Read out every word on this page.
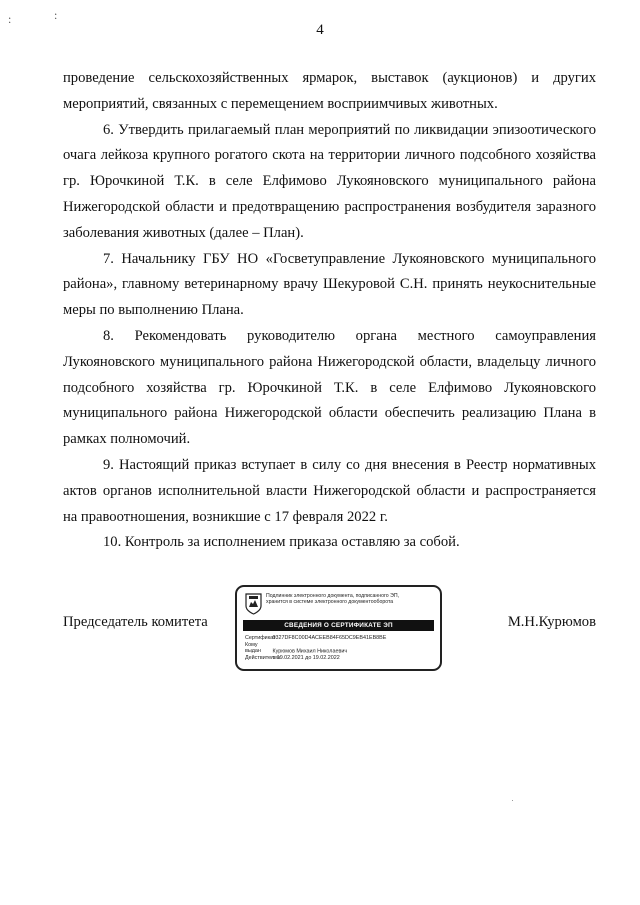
:	:
4

проведение сельскохозяйственных ярмарок, выставок (аукционов) и других мероприятий, связанных с перемещением восприимчивых животных.

6. Утвердить прилагаемый план мероприятий по ликвидации эпизоотического очага лейкоза крупного рогатого скота на территории личного подсобного хозяйства гр. Юрочкиной Т.К. в селе Елфимово Лукояновского муниципального района Нижегородской области и предотвращению распространения возбудителя заразного заболевания животных (далее – План).

7. Начальнику ГБУ НО «Госветуправление Лукояновского муниципального района», главному ветеринарному врачу Шекуровой С.Н. принять неукоснительные меры по выполнению Плана.

8. Рекомендовать руководителю органа местного самоуправления Лукояновского муниципального района Нижегородской области, владельцу личного подсобного хозяйства гр. Юрочкиной Т.К. в селе Елфимово Лукояновского муниципального района Нижегородской области обеспечить реализацию Плана в рамках полномочий.

9. Настоящий приказ вступает в силу со дня внесения в Реестр нормативных актов органов исполнительной власти Нижегородской области и распространяется на правоотношения, возникшие с 17 февраля 2022 г.

10. Контроль за исполнением приказа оставляю за собой.

Председатель комитета	М.Н.Курюмов
Подлинник электронного документа, подписанного ЭП,
хранится в системе электронного документооборота
СВЕДЕНИЯ О СЕРТИФИКАТЕ ЭП
Сертификат 0327DF8C00D4ACEEB84F65DC9EB41EB8BE
Кому выдан Курюмов Михаил Николаевич
Действителен с 19.02.2021 до 19.02.2022
